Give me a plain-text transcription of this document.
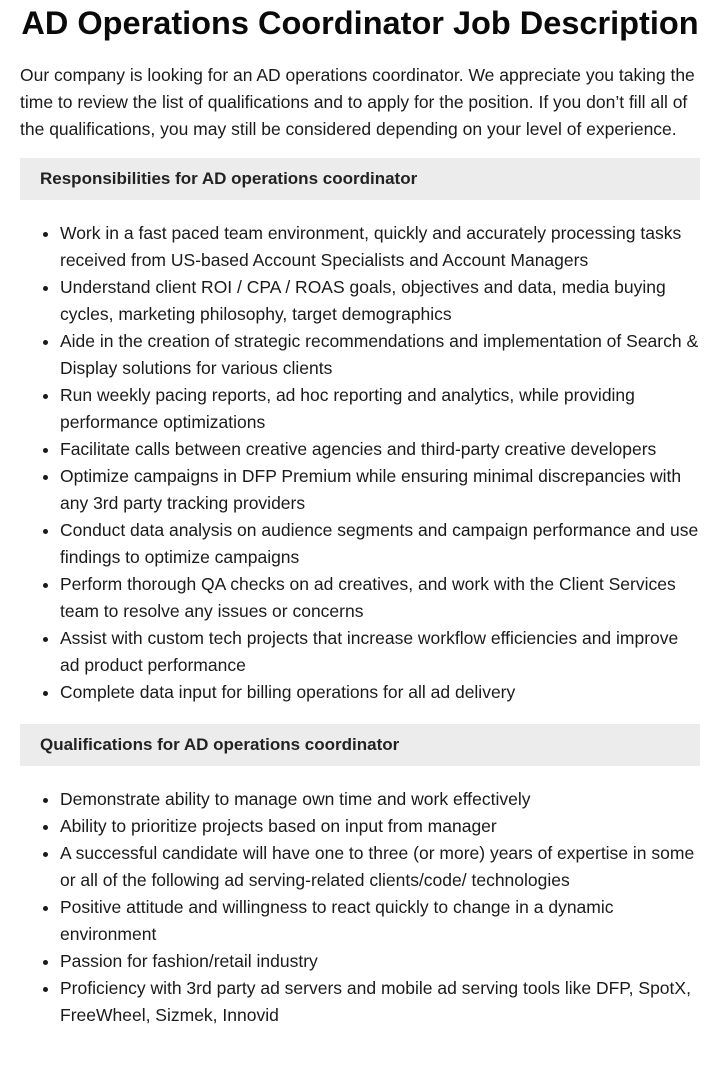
AD Operations Coordinator Job Description

Our company is looking for an AD operations coordinator. We appreciate you taking the time to review the list of qualifications and to apply for the position. If you don’t fill all of the qualifications, you may still be considered depending on your level of experience.

Responsibilities for AD operations coordinator
Work in a fast paced team environment, quickly and accurately processing tasks received from US-based Account Specialists and Account Managers
Understand client ROI / CPA / ROAS goals, objectives and data, media buying cycles, marketing philosophy, target demographics
Aide in the creation of strategic recommendations and implementation of Search & Display solutions for various clients
Run weekly pacing reports, ad hoc reporting and analytics, while providing performance optimizations
Facilitate calls between creative agencies and third-party creative developers
Optimize campaigns in DFP Premium while ensuring minimal discrepancies with any 3rd party tracking providers
Conduct data analysis on audience segments and campaign performance and use findings to optimize campaigns
Perform thorough QA checks on ad creatives, and work with the Client Services team to resolve any issues or concerns
Assist with custom tech projects that increase workflow efficiencies and improve ad product performance
Complete data input for billing operations for all ad delivery
Qualifications for AD operations coordinator
Demonstrate ability to manage own time and work effectively
Ability to prioritize projects based on input from manager
A successful candidate will have one to three (or more) years of expertise in some or all of the following ad serving-related clients/code/ technologies
Positive attitude and willingness to react quickly to change in a dynamic environment
Passion for fashion/retail industry
Proficiency with 3rd party ad servers and mobile ad serving tools like DFP, SpotX, FreeWheel, Sizmek, Innovid
